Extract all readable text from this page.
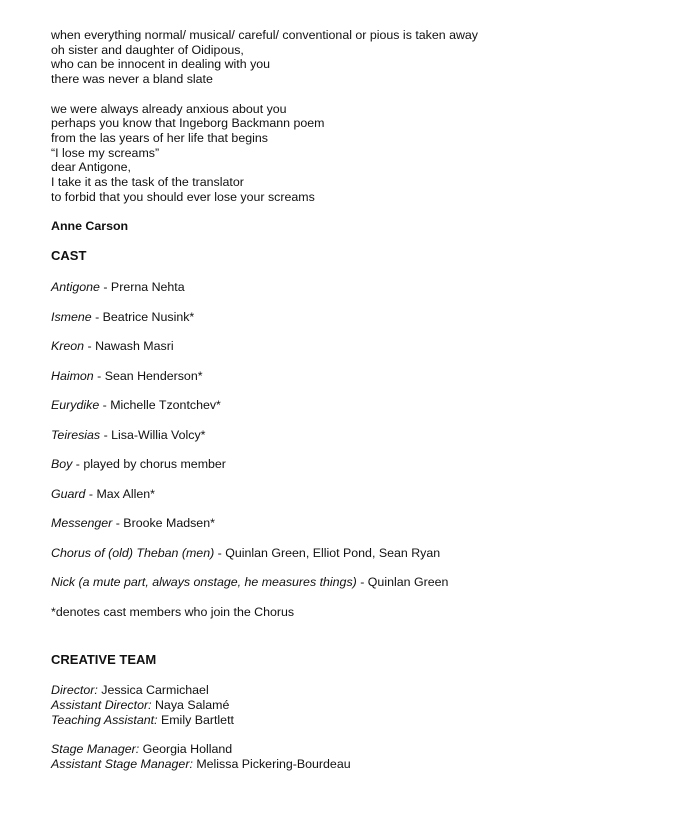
when everything normal/ musical/ careful/ conventional or pious is taken away
oh sister and daughter of Oidipous,
who can be innocent in dealing with you
there was never a bland slate
we were always already anxious about you
perhaps you know that Ingeborg Backmann poem
from the las years of her life that begins
“I lose my screams”
dear Antigone,
I take it as the task of the translator
to forbid that you should ever lose your screams
Anne Carson
CAST
Antigone - Prerna Nehta
Ismene - Beatrice Nusink*
Kreon - Nawash Masri
Haimon - Sean Henderson*
Eurydike - Michelle Tzontchev*
Teiresias - Lisa-Willia Volcy*
Boy - played by chorus member
Guard - Max Allen*
Messenger - Brooke Madsen*
Chorus of (old) Theban (men) - Quinlan Green, Elliot Pond, Sean Ryan
Nick (a mute part, always onstage, he measures things) - Quinlan Green
*denotes cast members who join the Chorus
CREATIVE TEAM
Director: Jessica Carmichael
Assistant Director: Naya Salamé
Teaching Assistant: Emily Bartlett
Stage Manager: Georgia Holland
Assistant Stage Manager: Melissa Pickering-Bourdeau
